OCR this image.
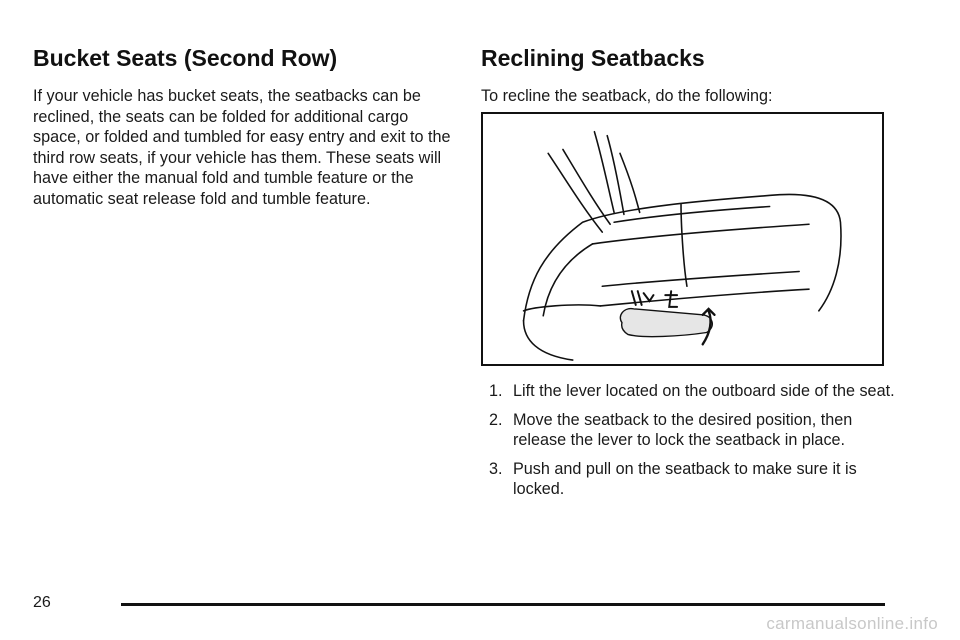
Bucket Seats (Second Row)

If your vehicle has bucket seats, the seatbacks can be reclined, the seats can be folded for additional cargo space, or folded and tumbled for easy entry and exit to the third row seats, if your vehicle has them. These seats will have either the manual fold and tumble feature or the automatic seat release fold and tumble feature.

Reclining Seatbacks

To recline the seatback, do the following:

1. Lift the lever located on the outboard side of the seat.
2. Move the seatback to the desired position, then release the lever to lock the seatback in place.
3. Push and pull on the seatback to make sure it is locked.
26
carmanualsonline.info
